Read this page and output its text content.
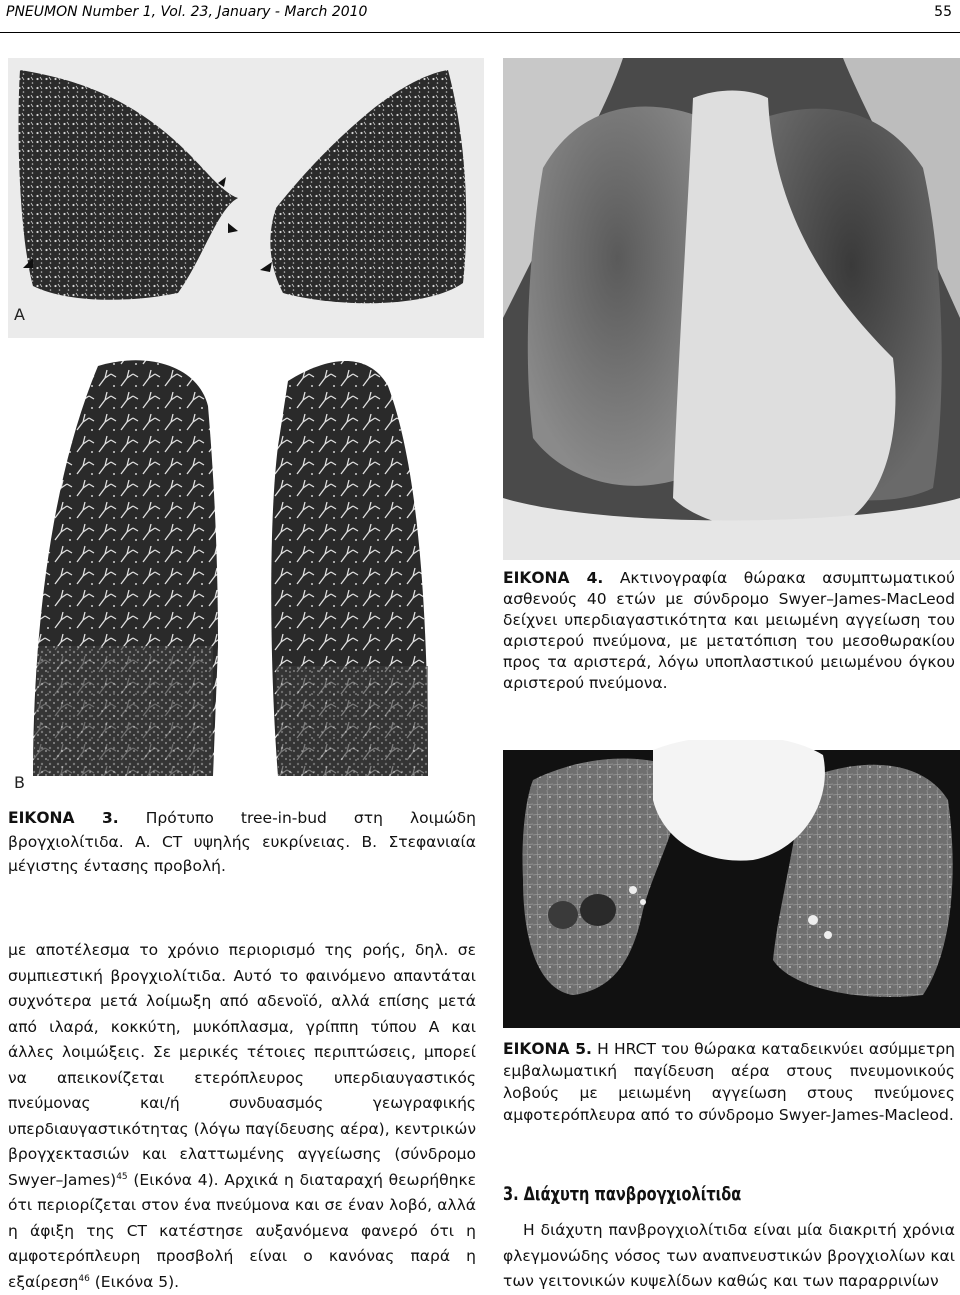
PNEUMON Number 1, Vol. 23, January - March 2010	55
A
B
ΕΙΚΟΝΑ 4. Ακτινογραφία θώρακα ασυμπτωματικού ασθενούς 40 ετών με σύνδρομο Swyer–James-MacLeod δείχνει υπερδιαγαστικότητα και μειωμένη αγγείωση του αριστερού πνεύμονα, με μετατόπιση του μεσοθωρακίου προς τα αριστερά, λόγω υποπλαστικού μειωμένου όγκου αριστερού πνεύμονα.
ΕΙΚΟΝΑ 3. Πρότυπο tree-in-bud στη λοιμώδη βρογχιολίτιδα. Α. CT υψηλής ευκρίνειας. Β. Στεφανιαία μέγιστης έντασης προβολή.
ΕΙΚΟΝΑ 5. Η HRCT του θώρακα καταδεικνύει ασύμμετρη εμβαλωματική παγίδευση αέρα στους πνευμονικούς λοβούς με μειωμένη αγγείωση στους πνεύμονες αμφοτερόπλευρα από το σύνδρομο Swyer-James-Macleod.
με αποτέλεσμα το χρόνιο περιορισμό της ροής, δηλ. σε συμπιεστική βρογχιολίτιδα. Αυτό το φαινόμενο απαντάται συχνότερα μετά λοίμωξη από αδενοϊό, αλλά επίσης μετά από ιλαρά, κοκκύτη, μυκόπλασμα, γρίππη τύπου Α και άλλες λοιμώξεις. Σε μερικές τέτοιες περιπτώσεις, μπορεί να απεικονίζεται ετερόπλευρος υπερδιαυγαστικός πνεύμονας και/ή συνδυασμός γεωγραφικής υπερδιαυγαστικότητας (λόγω παγίδευσης αέρα), κεντρικών βρογχεκτασιών και ελαττωμένης αγγείωσης (σύνδρομο Swyer–James)$^{45}$ (Εικόνα 4). Αρχικά η διαταραχή θεωρήθηκε ότι περιορίζεται στον ένα πνεύμονα και σε έναν λοβό, αλλά η άφιξη της CT κατέστησε αυξανόμενα φανερό ότι η αμφοτερόπλευρη προσβολή είναι ο κανόνας παρά η εξαίρεση$^{46}$ (Εικόνα 5).
3. Διάχυτη πανβρογχιολίτιδα
Η διάχυτη πανβρογχιολίτιδα είναι μία διακριτή χρόνια φλεγμονώδης νόσος των αναπνευστικών βρογχιολίων και των γειτονικών κυψελίδων καθώς και των παραρρινίων
